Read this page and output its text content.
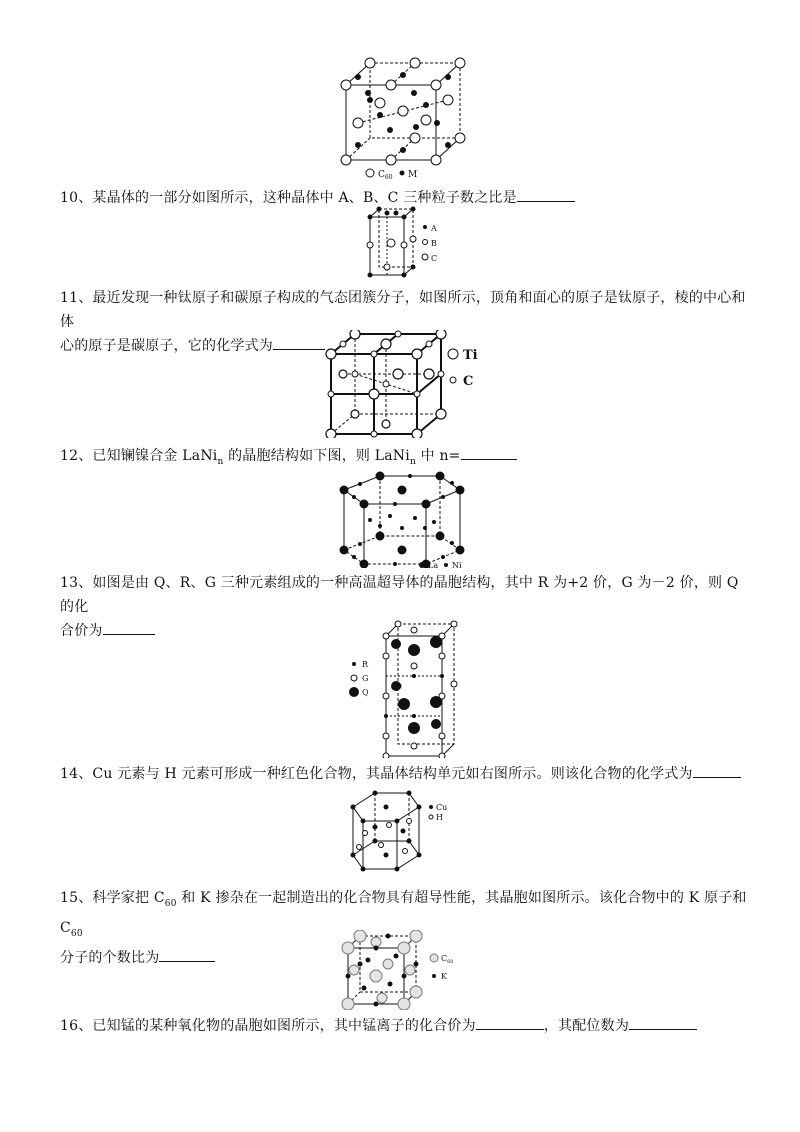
$C_{60}$ M
10、某晶体的一部分如图所示，这种晶体中 A、B、C 三种粒子数之比是
A
B
C
11、最近发现一种钛原子和碳原子构成的气态团簇分子，如图所示，顶角和面心的原子是钛原子，棱的中心和体
心的原子是碳原子，它的化学式为
Ti
C
12、已知镧镍合金 LaNi$_n$ 的晶胞结构如下图，则 LaNi$_n$ 中 n=
La Ni
13、如图是由 Q、R、G 三种元素组成的一种高温超导体的晶胞结构，其中 R 为+2 价，G 为－2 价，则 Q 的化
合价为
R
G
Q
14、Cu 元素与 H 元素可形成一种红色化合物，其晶体结构单元如右图所示。则该化合物的化学式为
Cu
H
15、科学家把 $C_{60}$ 和 K 掺杂在一起制造出的化合物具有超导性能，其晶胞如图所示。该化合物中的 K 原子和 $C_{60}$
分子的个数比为	$C_{60}$
K
16、已知锰的某种氧化物的晶胞如图所示，其中锰离子的化合价为	，其配位数为
